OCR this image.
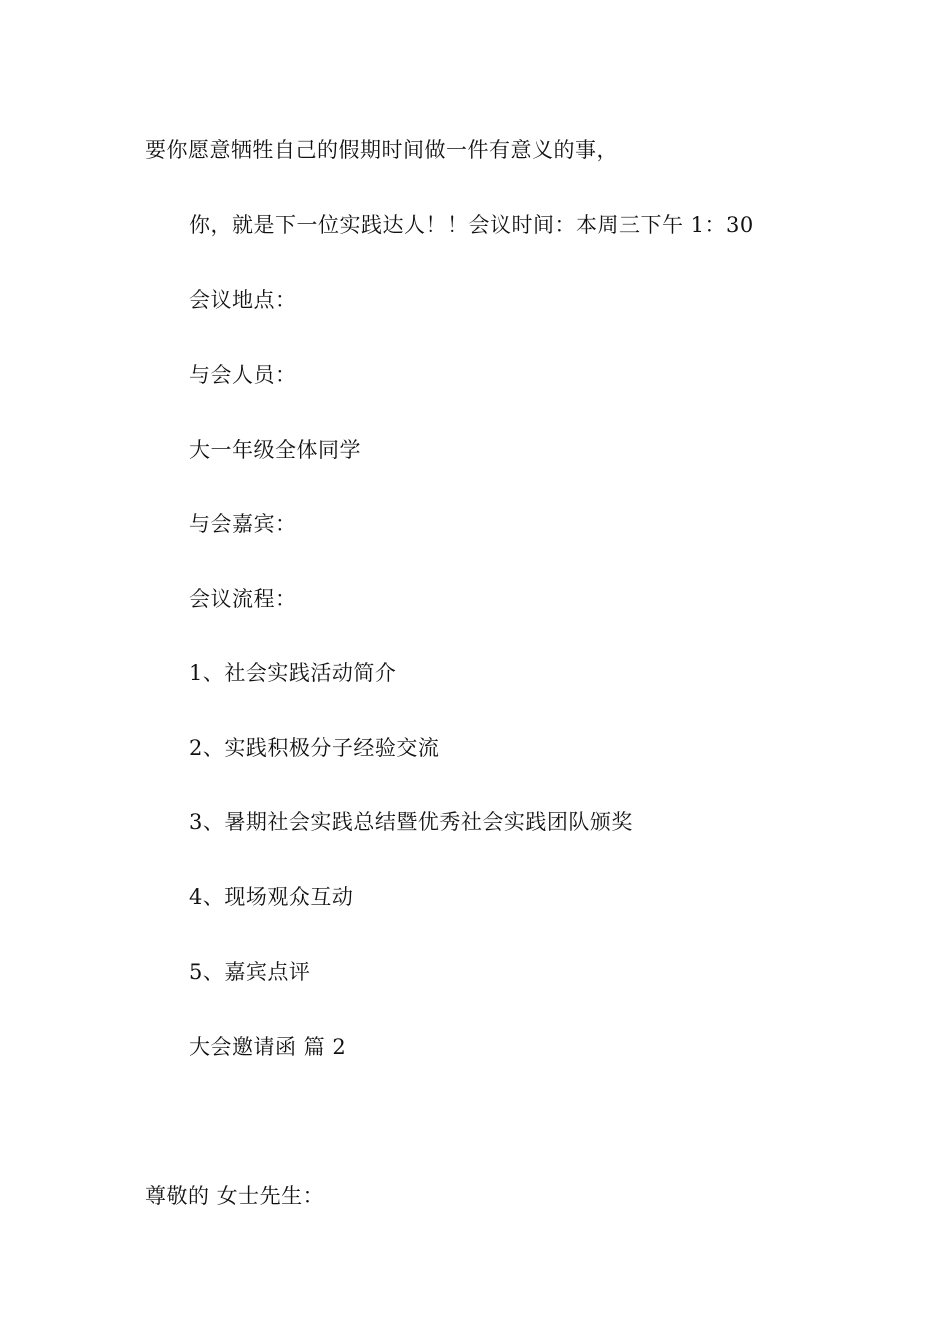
要你愿意牺牲自己的假期时间做一件有意义的事，

你，就是下一位实践达人！！会议时间：本周三下午 1：30

会议地点：

与会人员：

大一年级全体同学

与会嘉宾：

会议流程：

1、社会实践活动简介

2、实践积极分子经验交流

3、暑期社会实践总结暨优秀社会实践团队颁奖

4、现场观众互动

5、嘉宾点评

大会邀请函 篇 2

尊敬的 女士先生：
